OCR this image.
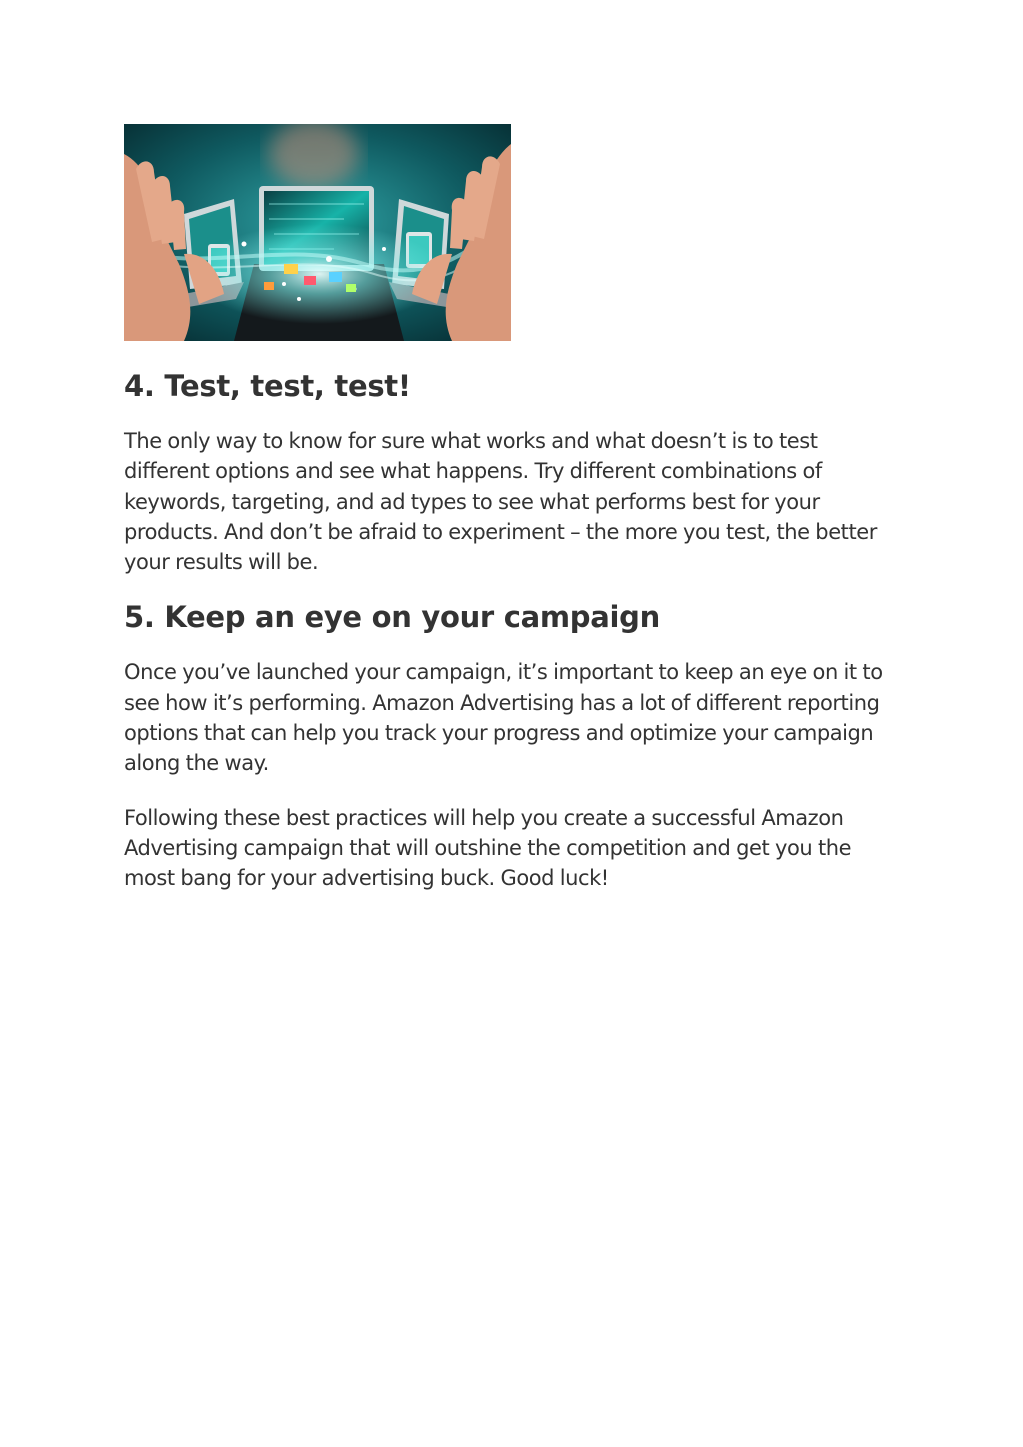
4. Test, test, test!

The only way to know for sure what works and what doesn’t is to test different options and see what happens. Try different combinations of keywords, targeting, and ad types to see what performs best for your products. And don’t be afraid to experiment – the more you test, the better your results will be.

5. Keep an eye on your campaign

Once you’ve launched your campaign, it’s important to keep an eye on it to see how it’s performing. Amazon Advertising has a lot of different reporting options that can help you track your progress and optimize your campaign along the way.

Following these best practices will help you create a successful Amazon Advertising campaign that will outshine the competition and get you the most bang for your advertising buck. Good luck!
